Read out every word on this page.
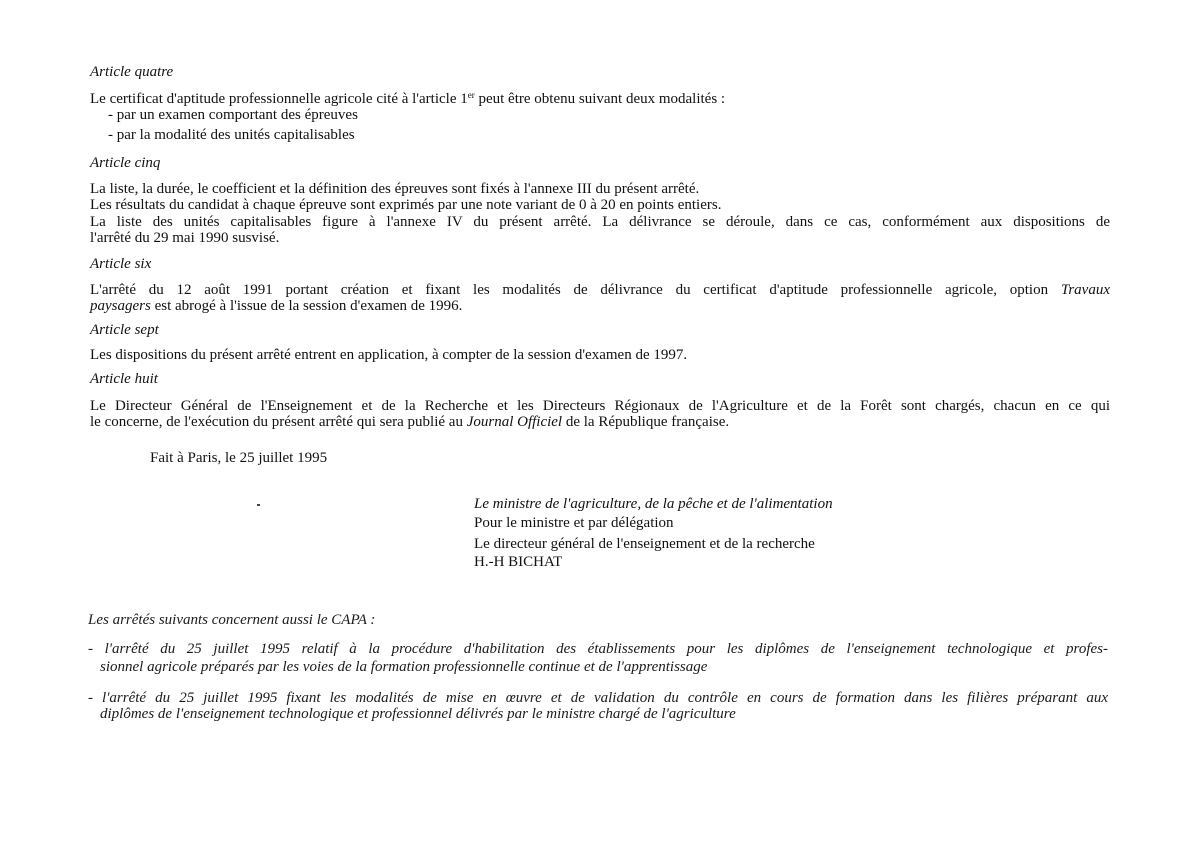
Article quatre
Le certificat d'aptitude professionnelle agricole cité à l'article 1er peut être obtenu suivant deux modalités :
- par un examen comportant des épreuves
- par la modalité des unités capitalisables
Article cinq
La liste, la durée, le coefficient et la définition des épreuves sont fixés à l'annexe III du présent arrêté.
Les résultats du candidat à chaque épreuve sont exprimés par une note variant de 0 à 20 en points entiers.
La liste des unités capitalisables figure à l'annexe IV du présent arrêté. La délivrance se déroule, dans ce cas, conformément aux dispositions de
l'arrêté du 29 mai 1990 susvisé.
Article six
L'arrêté du 12 août 1991 portant création et fixant les modalités de délivrance du certificat d'aptitude professionnelle agricole, option Travaux
paysagers est abrogé à l'issue de la session d'examen de 1996.
Article sept
Les dispositions du présent arrêté entrent en application, à compter de la session d'examen de 1997.
Article huit
Le Directeur Général de l'Enseignement et de la Recherche et les Directeurs Régionaux de l'Agriculture et de la Forêt sont chargés, chacun en ce qui
le concerne, de l'exécution du présent arrêté qui sera publié au Journal Officiel de la République française.
Fait à Paris, le 25 juillet 1995
Le ministre de l'agriculture, de la pêche et de l'alimentation
Pour le ministre et par délégation
Le directeur général de l'enseignement et de la recherche
H.-H BICHAT
Les arrêtés suivants concernent aussi le CAPA :
- l'arrêté du 25 juillet 1995 relatif à la procédure d'habilitation des établissements pour les diplômes de l'enseignement technologique et profes-
sionnel agricole préparés par les voies de la formation professionnelle continue et de l'apprentissage
- l'arrêté du 25 juillet 1995 fixant les modalités de mise en œuvre et de validation du contrôle en cours de formation dans les filières préparant aux
diplômes de l'enseignement technologique et professionnel délivrés par le ministre chargé de l'agriculture
